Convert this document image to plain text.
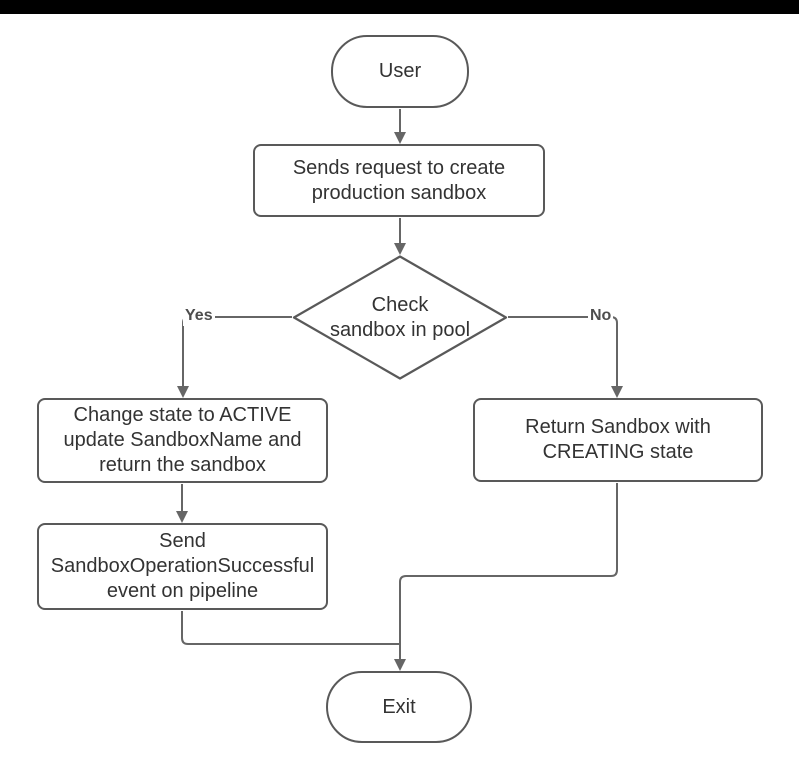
User
Sends request to create
production sandbox
Check
sandbox in pool
Change state to ACTIVE
update SandboxName and
return the sandbox
Send
SandboxOperationSuccessful
event on pipeline
Return Sandbox with
CREATING state
Exit
Yes	No
